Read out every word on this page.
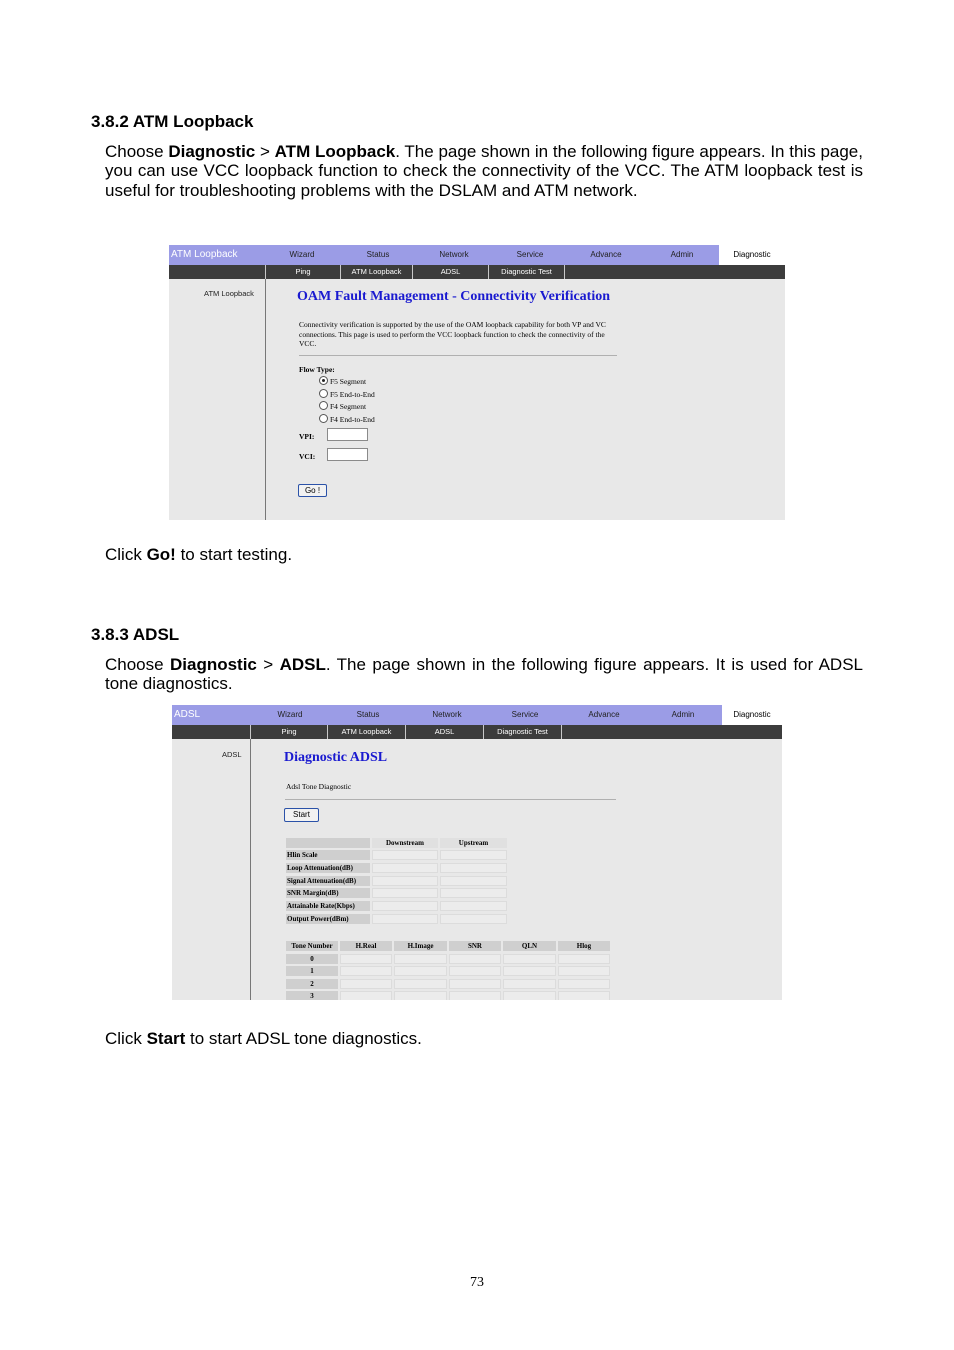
3.8.2 ATM Loopback
Choose Diagnostic > ATM Loopback. The page shown in the following figure appears. In this page, you can use VCC loopback function to check the connectivity of the VCC. The ATM loopback test is useful for troubleshooting problems with the DSLAM and ATM network.
ATM Loopback	Wizard	Status	Network	Service	Advance	Admin	Diagnostic
Ping	ATM Loopback	ADSL	Diagnostic Test
ATM Loopback	OAM Fault Management - Connectivity Verification
Connectivity verification is supported by the use of the OAM loopback capability for both VP and VC connections. This page is used to perform the VCC loopback function to check the connectivity of the VCC.
Flow Type:
F5 Segment
F5 End-to-End
F4 Segment
F4 End-to-End
VPI:
VCI:
Go !
Click Go! to start testing.
3.8.3 ADSL
Choose Diagnostic > ADSL. The page shown in the following figure appears. It is used for ADSL tone diagnostics.
ADSL	Wizard	Status	Network	Service	Advance	Admin	Diagnostic
Ping	ATM Loopback	ADSL	Diagnostic Test
ADSL	Diagnostic ADSL
Adsl Tone Diagnostic
Start
Downstream	Upstream
Hlin Scale
Loop Attenuation(dB)
Signal Attenuation(dB)
SNR Margin(dB)
Attainable Rate(Kbps)
Output Power(dBm)
Tone Number	H.Real	H.Image	SNR	QLN	Hlog
0
1
2
3
Click Start to start ADSL tone diagnostics.
73
